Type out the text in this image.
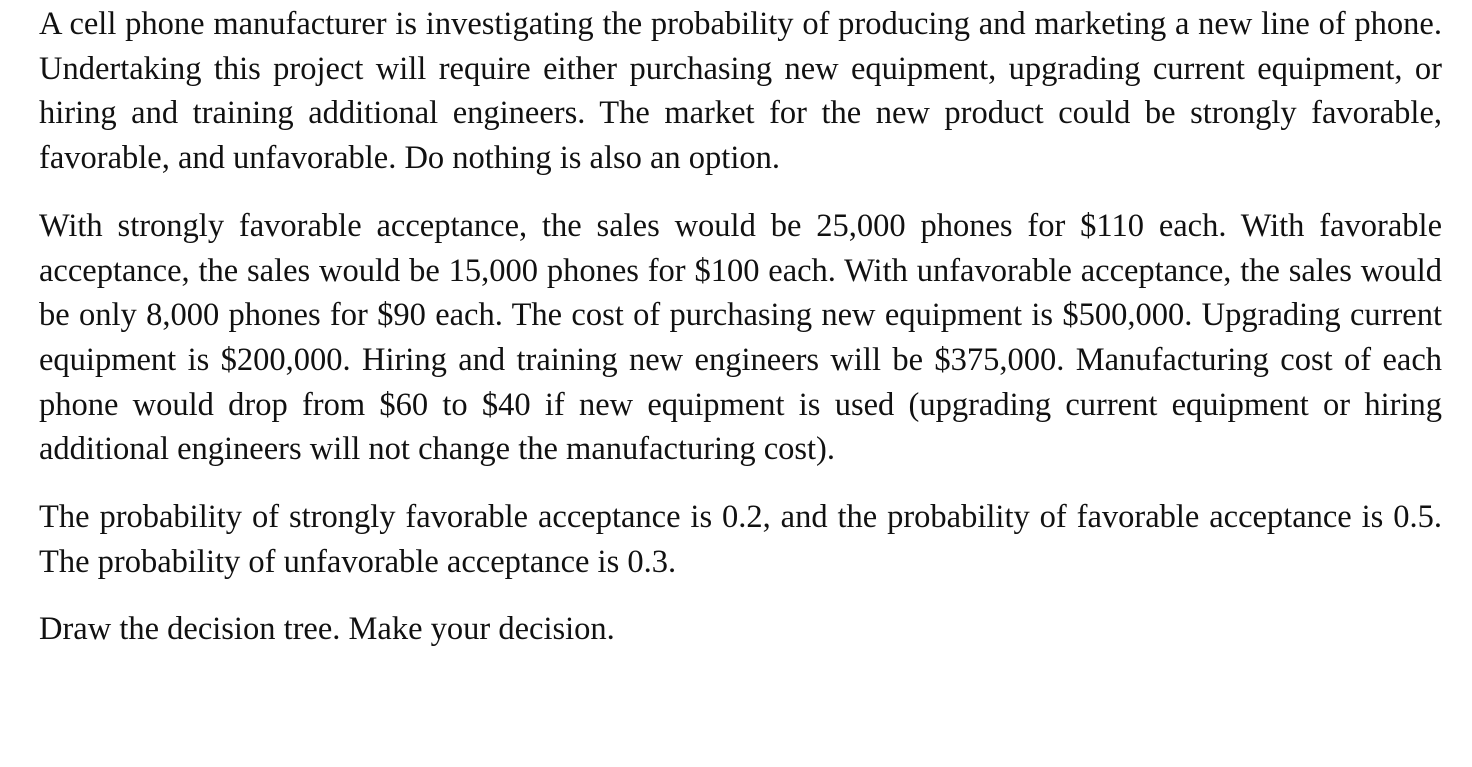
A cell phone manufacturer is investigating the probability of producing and marketing a new line of phone. Undertaking this project will require either purchasing new equipment, upgrading current equipment, or hiring and training additional engineers. The market for the new product could be strongly favorable, favorable, and unfavorable. Do nothing is also an option.

With strongly favorable acceptance, the sales would be 25,000 phones for $110 each. With favorable acceptance, the sales would be 15,000 phones for $100 each. With unfavorable acceptance, the sales would be only 8,000 phones for $90 each. The cost of purchasing new equipment is $500,000. Upgrading current equipment is $200,000. Hiring and training new engineers will be $375,000. Manufacturing cost of each phone would drop from $60 to $40 if new equipment is used (upgrading current equipment or hiring additional engineers will not change the manufacturing cost).

The probability of strongly favorable acceptance is 0.2, and the probability of favorable acceptance is 0.5. The probability of unfavorable acceptance is 0.3.

Draw the decision tree. Make your decision.
